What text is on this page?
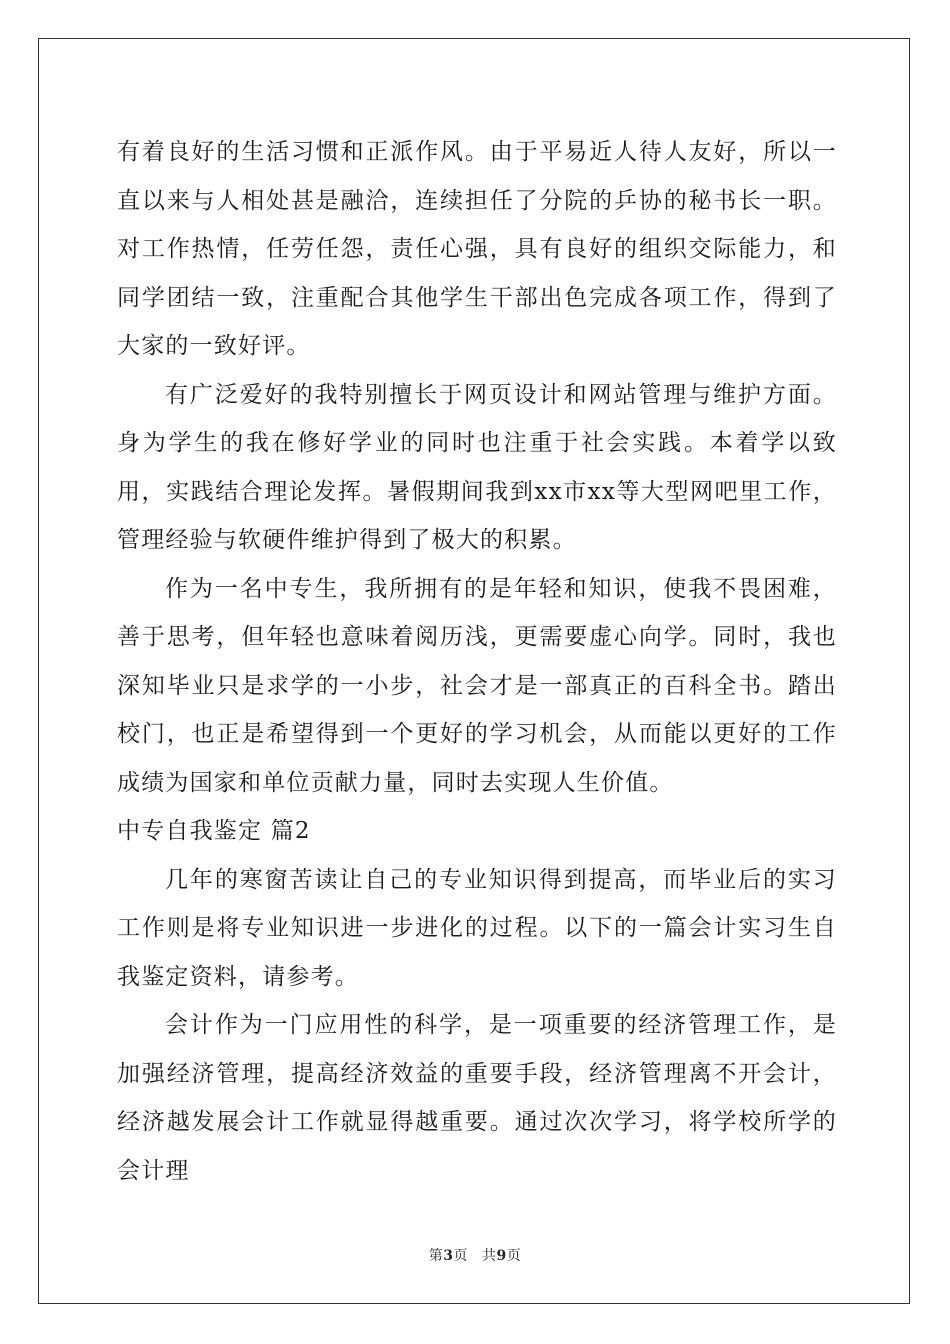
有着良好的生活习惯和正派作风。由于平易近人待人友好，所以一直以来与人相处甚是融洽，连续担任了分院的乒协的秘书长一职。对工作热情，任劳任怨，责任心强，具有良好的组织交际能力，和同学团结一致，注重配合其他学生干部出色完成各项工作，得到了大家的一致好评。

有广泛爱好的我特别擅长于网页设计和网站管理与维护方面。身为学生的我在修好学业的同时也注重于社会实践。本着学以致用，实践结合理论发挥。暑假期间我到xx市xx等大型网吧里工作，管理经验与软硬件维护得到了极大的积累。

作为一名中专生，我所拥有的是年轻和知识，使我不畏困难，善于思考，但年轻也意味着阅历浅，更需要虚心向学。同时，我也深知毕业只是求学的一小步，社会才是一部真正的百科全书。踏出校门，也正是希望得到一个更好的学习机会，从而能以更好的工作成绩为国家和单位贡献力量，同时去实现人生价值。

中专自我鉴定 篇2

几年的寒窗苦读让自己的专业知识得到提高，而毕业后的实习工作则是将专业知识进一步进化的过程。以下的一篇会计实习生自我鉴定资料，请参考。

会计作为一门应用性的科学，是一项重要的经济管理工作，是加强经济管理，提高经济效益的重要手段，经济管理离不开会计，经济越发展会计工作就显得越重要。通过次次学习，将学校所学的会计理

第3页 共9页
